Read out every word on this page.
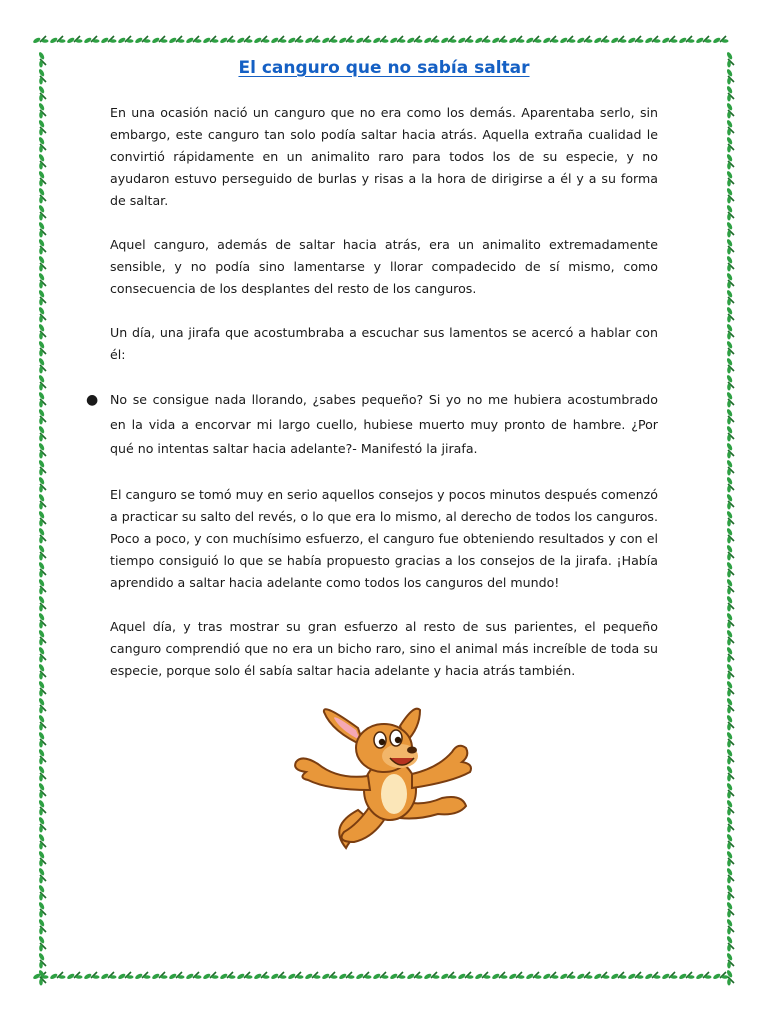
El canguro que no sabía saltar

En una ocasión nació un canguro que no era como los demás. Aparentaba serlo, sin embargo, este canguro tan solo podía saltar hacia atrás. Aquella extraña cualidad le convirtió rápidamente en un animalito raro para todos los de su especie, y no ayudaron estuvo perseguido de burlas y risas a la hora de dirigirse a él y a su forma de saltar.

Aquel canguro, además de saltar hacia atrás, era un animalito extremadamente sensible, y no podía sino lamentarse y llorar compadecido de sí mismo, como consecuencia de los desplantes del resto de los canguros.

Un día, una jirafa que acostumbraba a escuchar sus lamentos se acercó a hablar con él:

● No se consigue nada llorando, ¿sabes pequeño? Si yo no me hubiera acostumbrado en la vida a encorvar mi largo cuello, hubiese muerto muy pronto de hambre. ¿Por qué no intentas saltar hacia adelante?- Manifestó la jirafa.

El canguro se tomó muy en serio aquellos consejos y pocos minutos después comenzó a practicar su salto del revés, o lo que era lo mismo, al derecho de todos los canguros. Poco a poco, y con muchísimo esfuerzo, el canguro fue obteniendo resultados y con el tiempo consiguió lo que se había propuesto gracias a los consejos de la jirafa. ¡Había aprendido a saltar hacia adelante como todos los canguros del mundo!

Aquel día, y tras mostrar su gran esfuerzo al resto de sus parientes, el pequeño canguro comprendió que no era un bicho raro, sino el animal más increíble de toda su especie, porque solo él sabía saltar hacia adelante y hacia atrás también.
